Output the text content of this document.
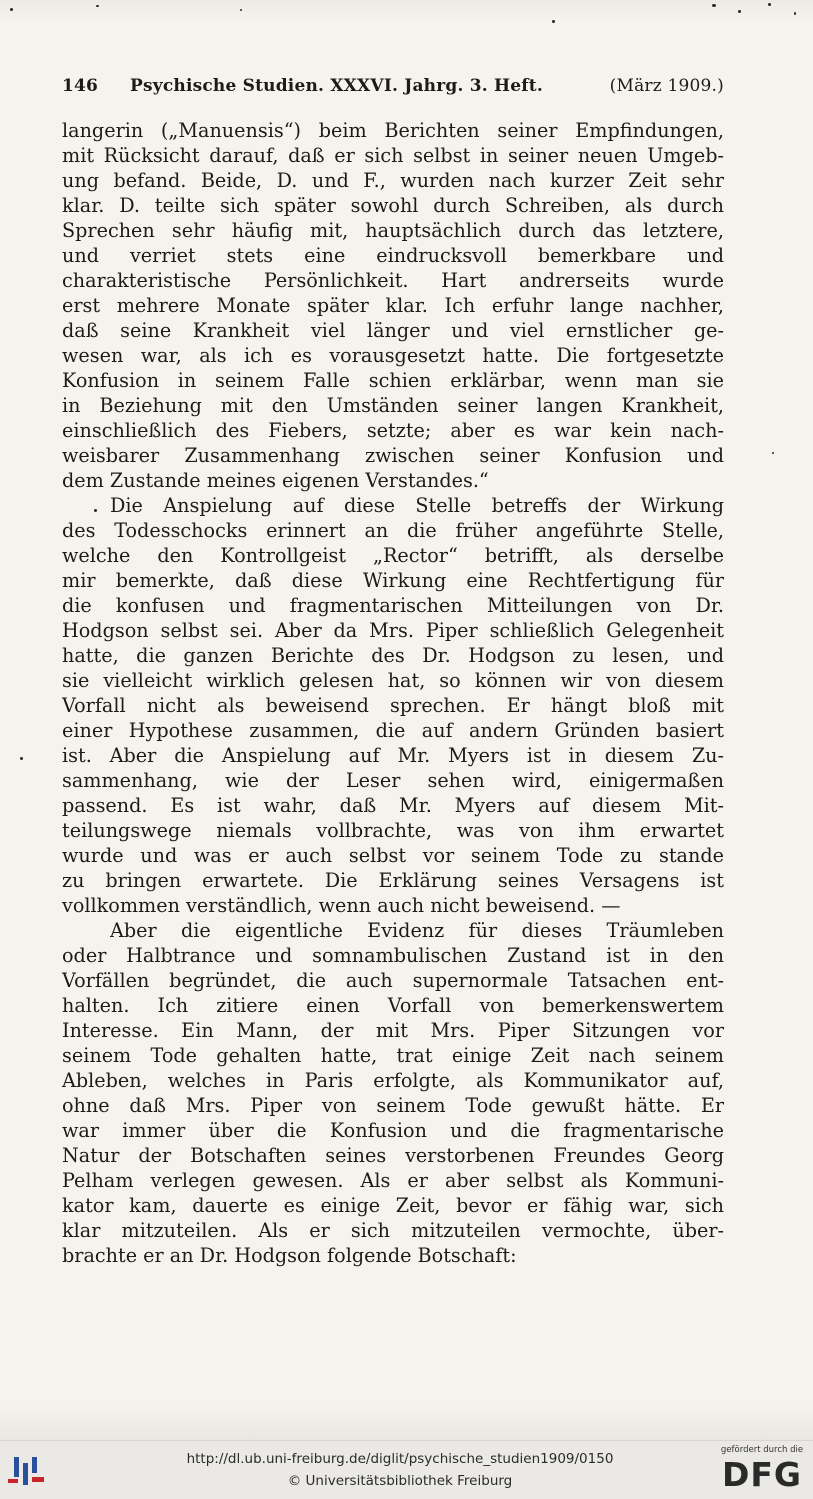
146 Psychische Studien. XXXVI. Jahrg. 3. Heft.	(März 1909.)
langerin („Manuensis“) beim Berichten seiner Empfindungen,
mit Rücksicht darauf, daß er sich selbst in seiner neuen Umgeb-
ung befand. Beide, D. und F., wurden nach kurzer Zeit sehr
klar. D. teilte sich später sowohl durch Schreiben, als durch
Sprechen sehr häufig mit, hauptsächlich durch das letztere,
und verriet stets eine eindrucksvoll bemerkbare und
charakteristische Persönlichkeit. Hart andrerseits wurde
erst mehrere Monate später klar. Ich erfuhr lange nachher,
daß seine Krankheit viel länger und viel ernstlicher ge-
wesen war, als ich es vorausgesetzt hatte. Die fortgesetzte
Konfusion in seinem Falle schien erklärbar, wenn man sie
in Beziehung mit den Umständen seiner langen Krankheit,
einschließlich des Fiebers, setzte; aber es war kein nach-
weisbarer Zusammenhang zwischen seiner Konfusion und
dem Zustande meines eigenen Verstandes.“
Die Anspielung auf diese Stelle betreffs der Wirkung
des Todesschocks erinnert an die früher angeführte Stelle,
welche den Kontrollgeist „Rector“ betrifft, als derselbe
mir bemerkte, daß diese Wirkung eine Rechtfertigung für
die konfusen und fragmentarischen Mitteilungen von Dr.
Hodgson selbst sei. Aber da Mrs. Piper schließlich Gelegenheit
hatte, die ganzen Berichte des Dr. Hodgson zu lesen, und
sie vielleicht wirklich gelesen hat, so können wir von diesem
Vorfall nicht als beweisend sprechen. Er hängt bloß mit
einer Hypothese zusammen, die auf andern Gründen basiert
ist. Aber die Anspielung auf Mr. Myers ist in diesem Zu-
sammenhang, wie der Leser sehen wird, einigermaßen
passend. Es ist wahr, daß Mr. Myers auf diesem Mit-
teilungswege niemals vollbrachte, was von ihm erwartet
wurde und was er auch selbst vor seinem Tode zu stande
zu bringen erwartete. Die Erklärung seines Versagens ist
vollkommen verständlich, wenn auch nicht beweisend. —
Aber die eigentliche Evidenz für dieses Träumleben
oder Halbtrance und somnambulischen Zustand ist in den
Vorfällen begründet, die auch supernormale Tatsachen ent-
halten. Ich zitiere einen Vorfall von bemerkenswertem
Interesse. Ein Mann, der mit Mrs. Piper Sitzungen vor
seinem Tode gehalten hatte, trat einige Zeit nach seinem
Ableben, welches in Paris erfolgte, als Kommunikator auf,
ohne daß Mrs. Piper von seinem Tode gewußt hätte. Er
war immer über die Konfusion und die fragmentarische
Natur der Botschaften seines verstorbenen Freundes Georg
Pelham verlegen gewesen. Als er aber selbst als Kommuni-
kator kam, dauerte es einige Zeit, bevor er fähig war, sich
klar mitzuteilen. Als er sich mitzuteilen vermochte, über-
brachte er an Dr. Hodgson folgende Botschaft:
http://dl.ub.uni-freiburg.de/diglit/psychische_studien1909/0150
© Universitätsbibliothek Freiburg
gefördert durch die
DFG
